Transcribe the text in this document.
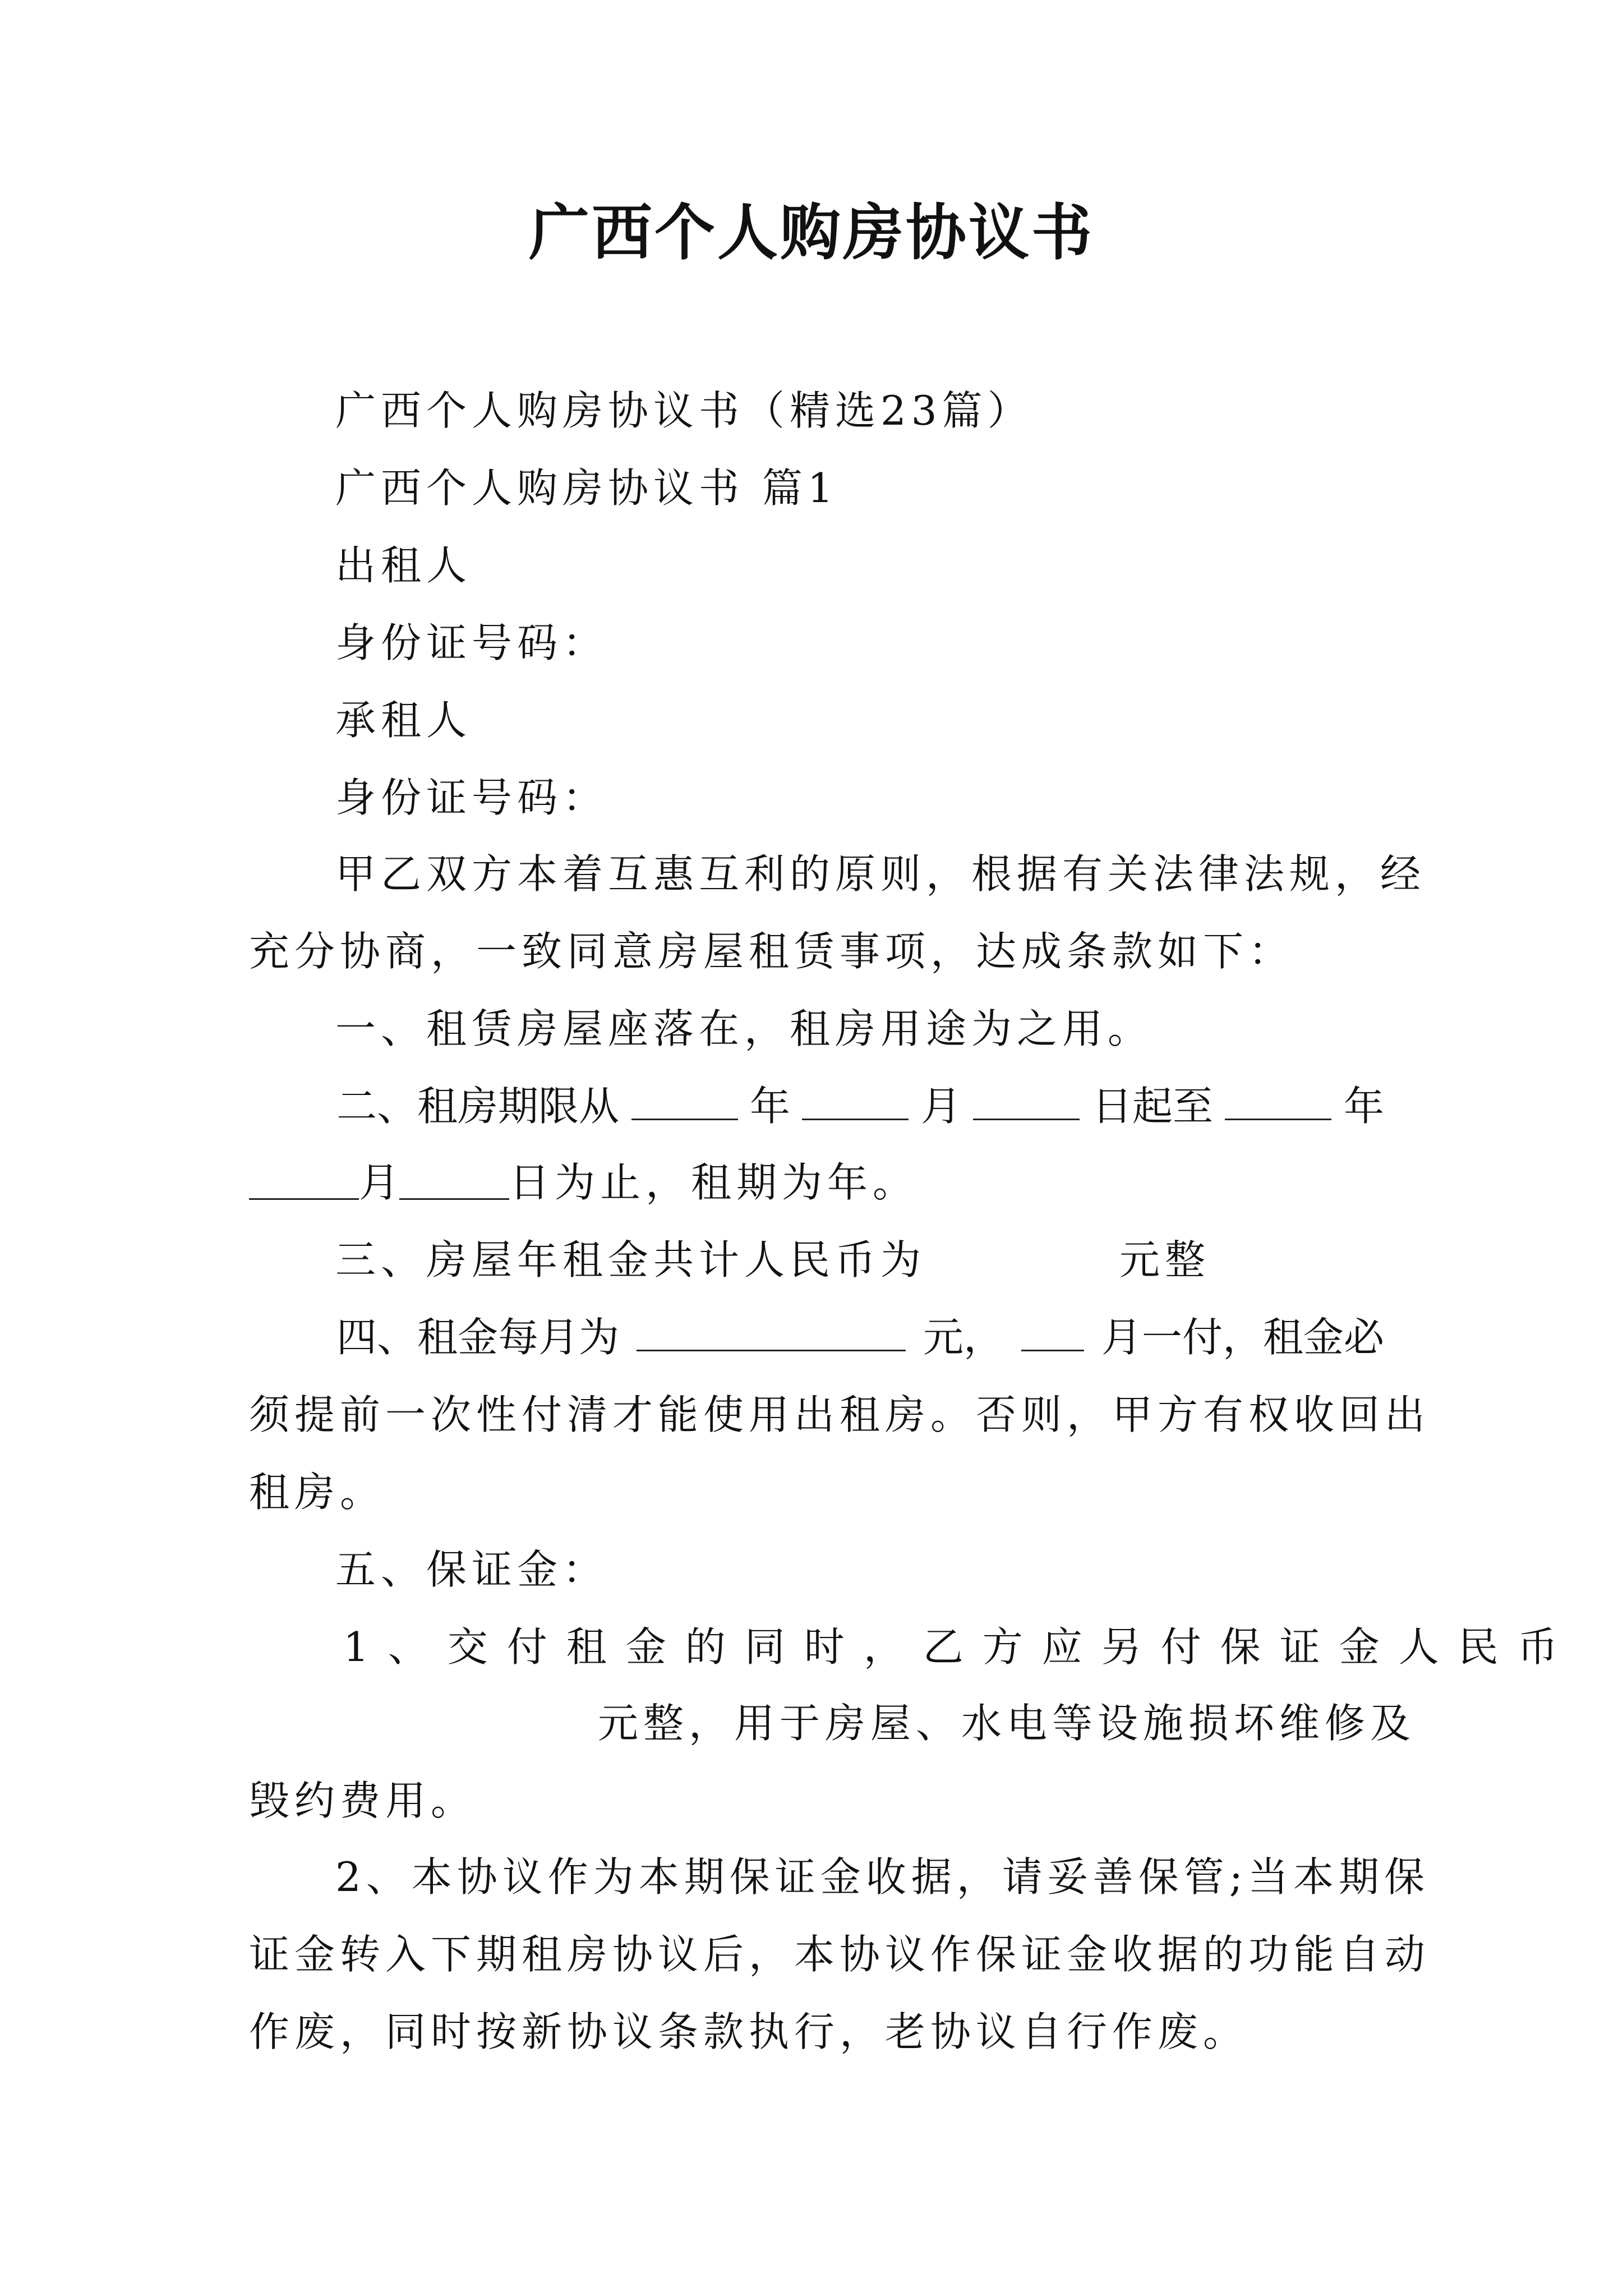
广西个人购房协议书
广西个人购房协议书（精选23篇）
广西个人购房协议书 篇1
出租人
身份证号码：
承租人
身份证号码：
甲乙双方本着互惠互利的原则，根据有关法律法规，经
充分协商，一致同意房屋租赁事项，达成条款如下：
一、租赁房屋座落在，租房用途为之用。
二、租房期限从	年	月	日起至	年
月	日为止，租期为年。
三、房屋年租金共计人民币为	元整
四、租金每月为	元， 月一付，租金必
须提前一次性付清才能使用出租房。否则，甲方有权收回出
租房。
五、保证金：
1、交付租金的同时，乙方应另付保证金人民币
元整，用于房屋、水电等设施损坏维修及
毁约费用。
2、本协议作为本期保证金收据，请妥善保管;当本期保
证金转入下期租房协议后，本协议作保证金收据的功能自动
作废，同时按新协议条款执行，老协议自行作废。
